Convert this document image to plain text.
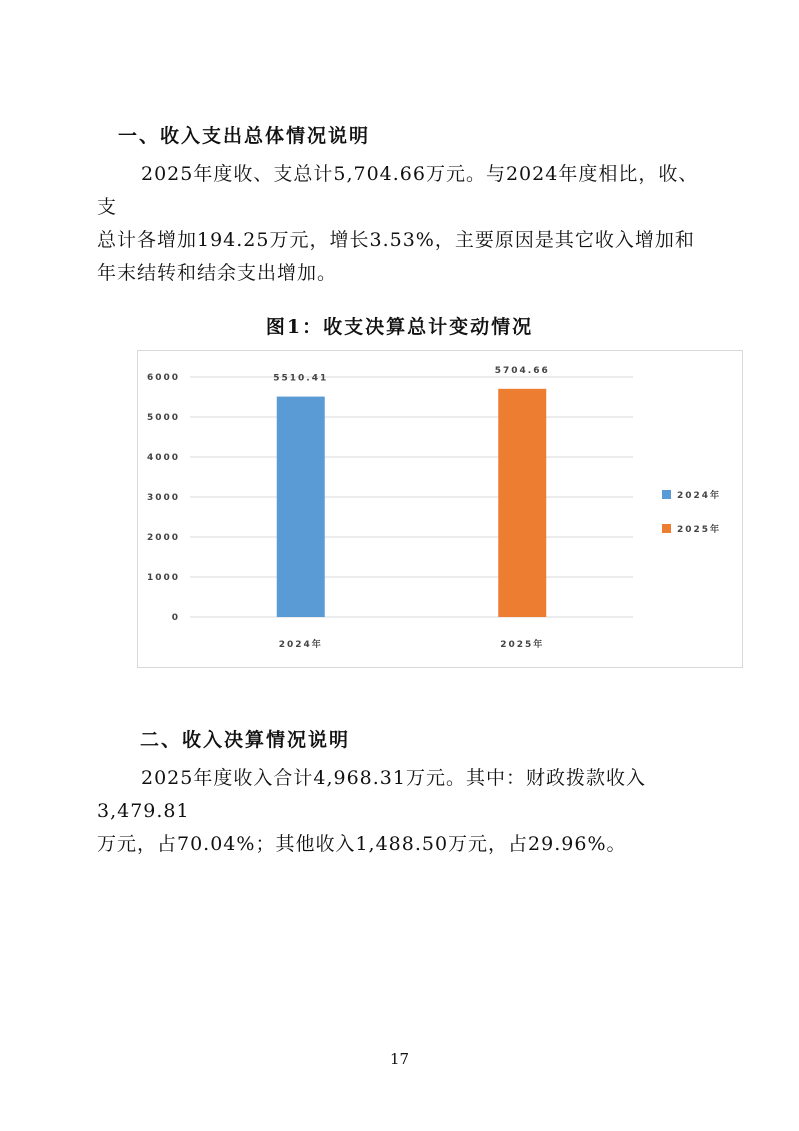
一、收入支出总体情况说明

2025年度收、支总计5,704.66万元。与2024年度相比，收、支
总计各增加194.25万元，增长3.53%，主要原因是其它收入增加和
年末结转和结余支出增加。

图1：收支决算总计变动情况
0
1000
2000
3000
4000
5000
6000	5510.41
2024年
5704.66
2025年
2024年
2025年
二、收入决算情况说明

2025年度收入合计4,968.31万元。其中：财政拨款收入3,479.81
万元，占70.04%；其他收入1,488.50万元，占29.96%。

17
